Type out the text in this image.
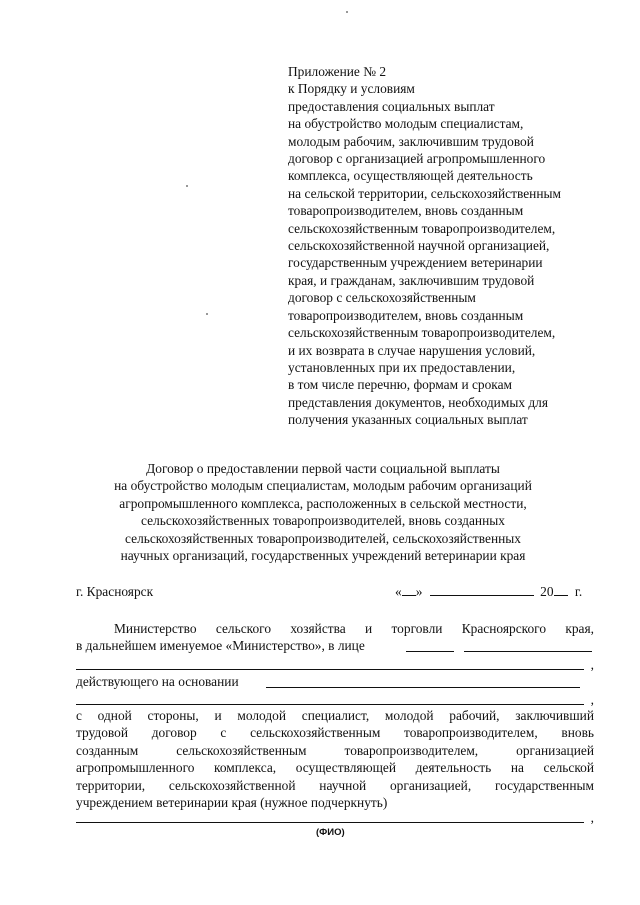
Приложение № 2
к Порядку и условиям
предоставления социальных выплат
на обустройство молодым специалистам,
молодым рабочим, заключившим трудовой
договор с организацией агропромышленного
комплекса, осуществляющей деятельность
на сельской территории, сельскохозяйственным
товаропроизводителем, вновь созданным
сельскохозяйственным товаропроизводителем,
сельскохозяйственной научной организацией,
государственным учреждением ветеринарии
края, и гражданам, заключившим трудовой
договор с сельскохозяйственным
товаропроизводителем, вновь созданным
сельскохозяйственным товаропроизводителем,
и их возврата в случае нарушения условий,
установленных при их предоставлении,
в том числе перечню, формам и срокам
представления документов, необходимых для
получения указанных социальных выплат
Договор о предоставлении первой части социальной выплаты
на обустройство молодым специалистам, молодым рабочим организаций
агропромышленного комплекса, расположенных в сельской местности,
сельскохозяйственных товаропроизводителей, вновь созданных
сельскохозяйственных товаропроизводителей, сельскохозяйственных
научных организаций, государственных учреждений ветеринарии края
г. Красноярск	« »	20 г.
Министерство сельского хозяйства и торговли Красноярского края,
в дальнейшем именуемое «Министерство», в лице
,
действующего на основании
,
с одной стороны, и молодой специалист, молодой рабочий, заключивший
трудовой договор с сельскохозяйственным товаропроизводителем, вновь
созданным сельскохозяйственным товаропроизводителем, организацией
агропромышленного комплекса, осуществляющей деятельность на сельской
территории, сельскохозяйственной научной организацией, государственным
учреждением ветеринарии края (нужное подчеркнуть)
,
(ФИО)
